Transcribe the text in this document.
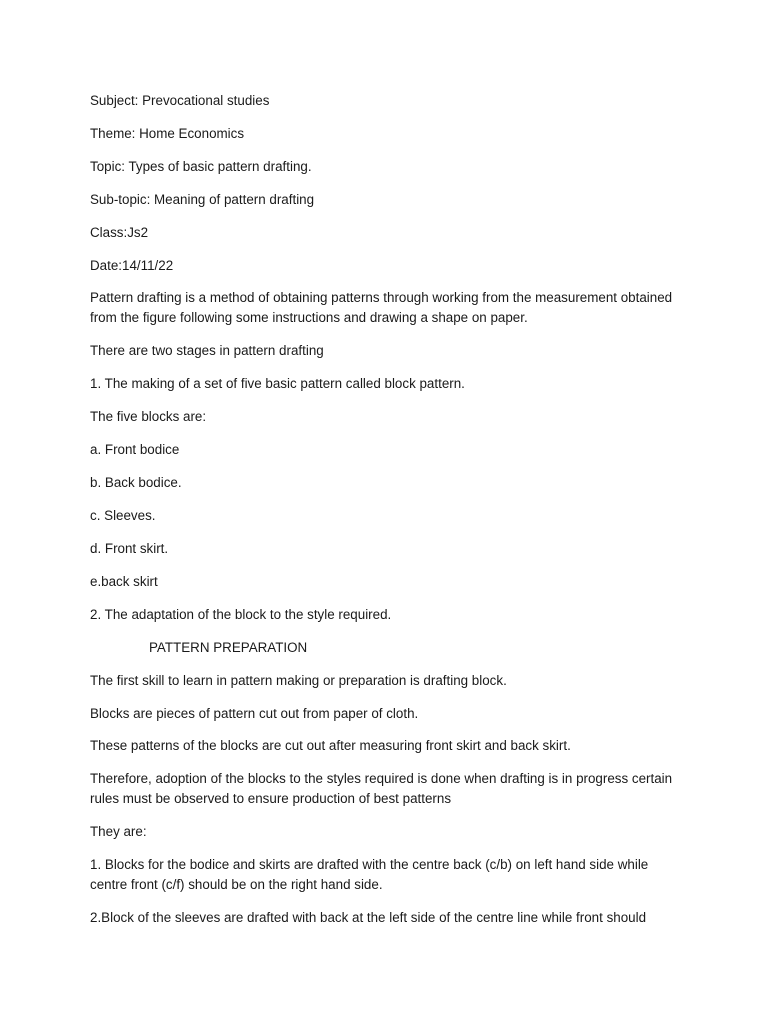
Subject: Prevocational studies

Theme: Home Economics

Topic: Types of basic pattern drafting.

Sub-topic: Meaning of pattern drafting

Class:Js2

Date:14/11/22

Pattern drafting is a method of obtaining patterns through working from the measurement obtained from the figure following some instructions and drawing a shape on paper.

There are two stages in pattern drafting

1. The making of a set of five basic pattern called block pattern.

The five blocks are:

a. Front bodice

b. Back bodice.

c. Sleeves.

d. Front skirt.

e.back skirt

2. The adaptation of the block to the style required.

PATTERN PREPARATION

The first skill to learn in pattern making or preparation is drafting block.

Blocks are pieces of pattern cut out from paper of cloth.

These patterns of the blocks are cut out after measuring front skirt and back skirt.

Therefore, adoption of the blocks to the styles required is done when drafting is in progress certain rules must be observed to ensure production of best patterns

They are:

1. Blocks for the bodice and skirts are drafted with the centre back (c/b) on left hand side while centre front (c/f) should be on the right hand side.

2.Block of the sleeves are drafted with back at the left side of the centre line while front should
